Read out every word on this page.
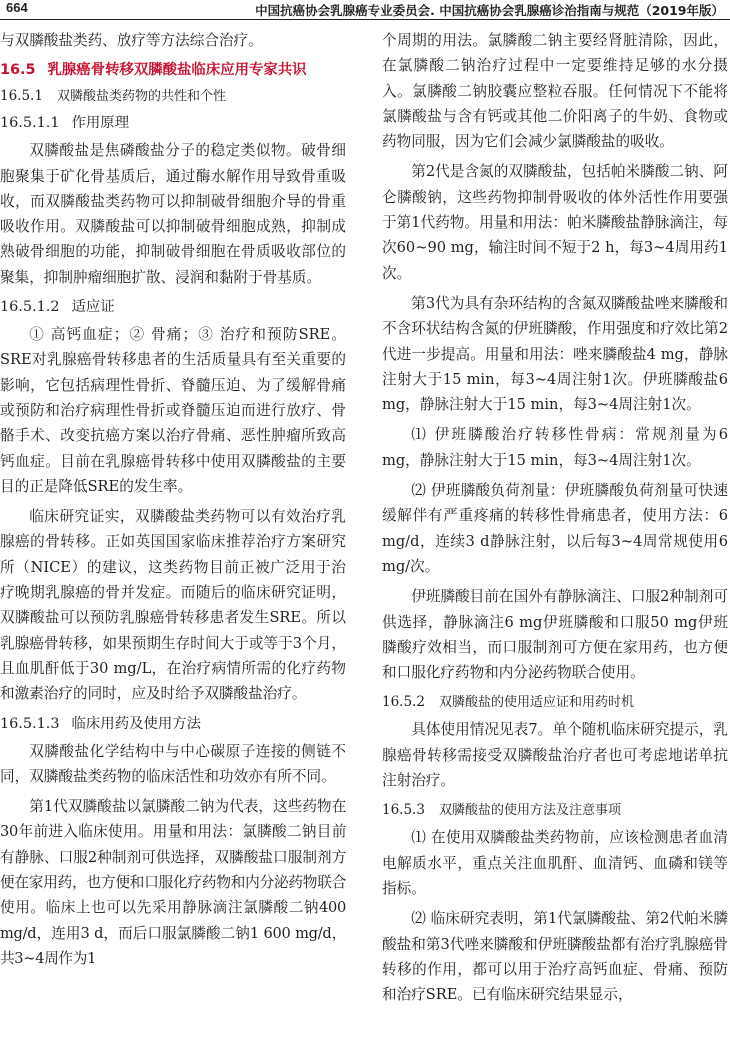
664	中国抗癌协会乳腺癌专业委员会. 中国抗癌协会乳腺癌诊治指南与规范（2019年版）

与双膦酸盐类药、放疗等方法综合治疗。

16.5 乳腺癌骨转移双膦酸盐临床应用专家共识
16.5.1 双膦酸盐类药物的共性和个性
16.5.1.1 作用原理

双膦酸盐是焦磷酸盐分子的稳定类似物。破骨细胞聚集于矿化骨基质后，通过酶水解作用导致骨重吸收，而双膦酸盐类药物可以抑制破骨细胞介导的骨重吸收作用。双膦酸盐可以抑制破骨细胞成熟，抑制成熟破骨细胞的功能，抑制破骨细胞在骨质吸收部位的聚集，抑制肿瘤细胞扩散、浸润和黏附于骨基质。

16.5.1.2 适应证

① 高钙血症；② 骨痛；③ 治疗和预防SRE。SRE对乳腺癌骨转移患者的生活质量具有至关重要的影响，它包括病理性骨折、脊髓压迫、为了缓解骨痛或预防和治疗病理性骨折或脊髓压迫而进行放疗、骨骼手术、改变抗癌方案以治疗骨痛、恶性肿瘤所致高钙血症。目前在乳腺癌骨转移中使用双膦酸盐的主要目的正是降低SRE的发生率。

临床研究证实，双膦酸盐类药物可以有效治疗乳腺癌的骨转移。正如英国国家临床推荐治疗方案研究所（NICE）的建议，这类药物目前正被广泛用于治疗晚期乳腺癌的骨并发症。而随后的临床研究证明，双膦酸盐可以预防乳腺癌骨转移患者发生SRE。所以乳腺癌骨转移，如果预期生存时间大于或等于3个月，且血肌酐低于30 mg/L，在治疗病情所需的化疗药物和激素治疗的同时，应及时给予双膦酸盐治疗。

16.5.1.3 临床用药及使用方法

双膦酸盐化学结构中与中心碳原子连接的侧链不同，双膦酸盐类药物的临床活性和功效亦有所不同。

第1代双膦酸盐以氯膦酸二钠为代表，这些药物在30年前进入临床使用。用量和用法：氯膦酸二钠目前有静脉、口服2种制剂可供选择，双膦酸盐口服制剂方便在家用药，也方便和口服化疗药物和内分泌药物联合使用。临床上也可以先采用静脉滴注氯膦酸二钠400 mg/d，连用3 d，而后口服氯膦酸二钠1 600 mg/d，共3~4周作为1

个周期的用法。氯膦酸二钠主要经肾脏清除，因此，在氯膦酸二钠治疗过程中一定要维持足够的水分摄入。氯膦酸二钠胶囊应整粒吞服。任何情况下不能将氯膦酸盐与含有钙或其他二价阳离子的牛奶、食物或药物同服，因为它们会减少氯膦酸盐的吸收。

第2代是含氮的双膦酸盐，包括帕米膦酸二钠、阿仑膦酸钠，这些药物抑制骨吸收的体外活性作用要强于第1代药物。用量和用法：帕米膦酸盐静脉滴注，每次60~90 mg，输注时间不短于2 h，每3~4周用药1次。

第3代为具有杂环结构的含氮双膦酸盐唑来膦酸和不含环状结构含氮的伊班膦酸，作用强度和疗效比第2代进一步提高。用量和用法：唑来膦酸盐4 mg，静脉注射大于15 min，每3~4周注射1次。伊班膦酸盐6 mg，静脉注射大于15 min，每3~4周注射1次。

⑴ 伊班膦酸治疗转移性骨病：常规剂量为6 mg，静脉注射大于15 min，每3~4周注射1次。

⑵ 伊班膦酸负荷剂量：伊班膦酸负荷剂量可快速缓解伴有严重疼痛的转移性骨痛患者，使用方法：6 mg/d，连续3 d静脉注射，以后每3~4周常规使用6 mg/次。

伊班膦酸目前在国外有静脉滴注、口服2种制剂可供选择，静脉滴注6 mg伊班膦酸和口服50 mg伊班膦酸疗效相当，而口服制剂可方便在家用药，也方便和口服化疗药物和内分泌药物联合使用。

16.5.2 双膦酸盐的使用适应证和用药时机

具体使用情况见表7。单个随机临床研究提示，乳腺癌骨转移需接受双膦酸盐治疗者也可考虑地诺单抗注射治疗。

16.5.3 双膦酸盐的使用方法及注意事项

⑴ 在使用双膦酸盐类药物前，应该检测患者血清电解质水平，重点关注血肌酐、血清钙、血磷和镁等指标。

⑵ 临床研究表明，第1代氯膦酸盐、第2代帕米膦酸盐和第3代唑来膦酸和伊班膦酸盐都有治疗乳腺癌骨转移的作用，都可以用于治疗高钙血症、骨痛、预防和治疗SRE。已有临床研究结果显示，
